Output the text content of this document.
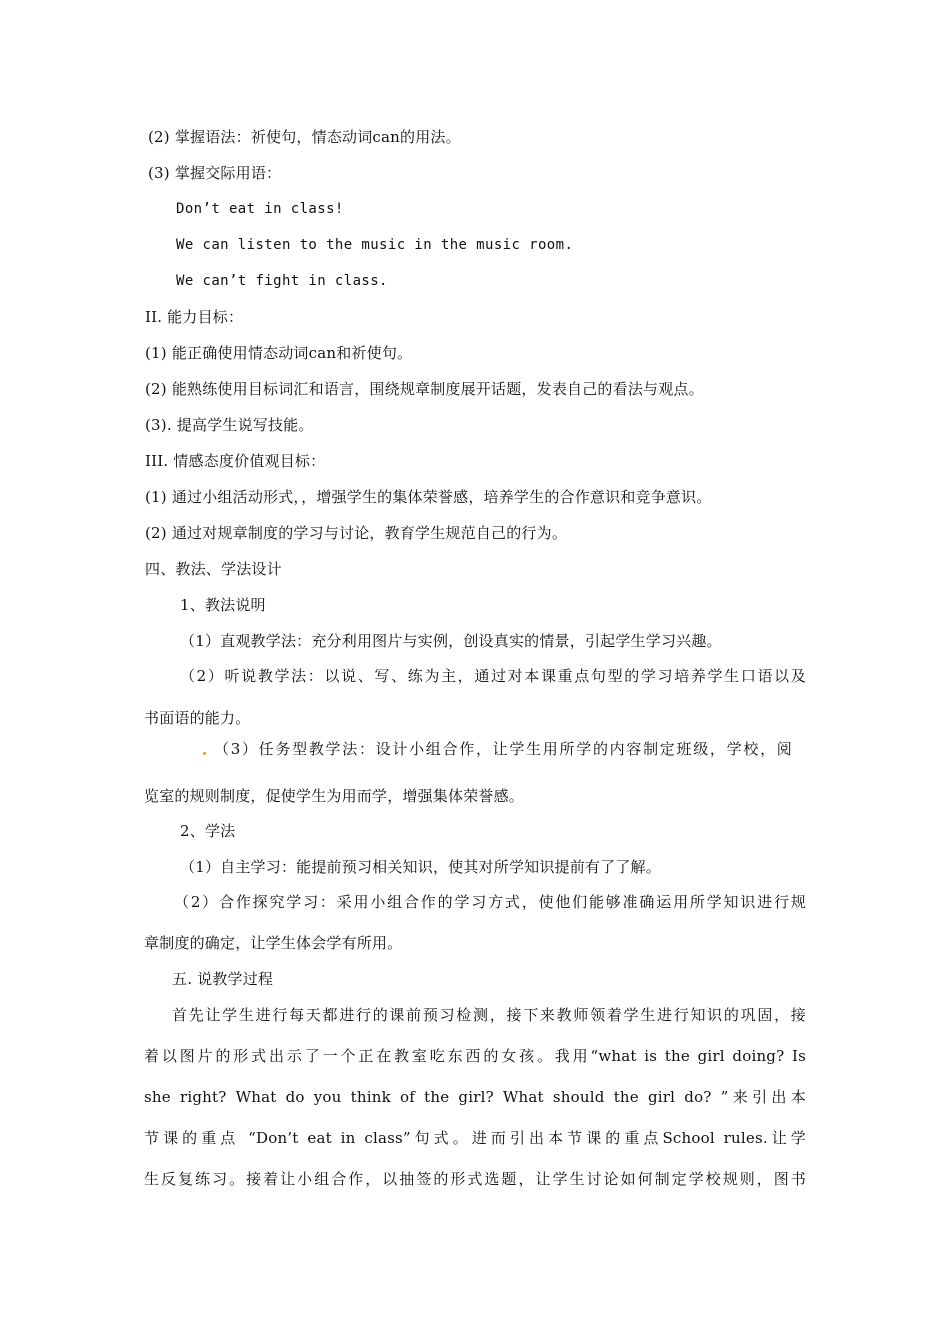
(2) 掌握语法：祈使句，情态动词can的用法。
(3) 掌握交际用语：
Don’t eat in class!
We can listen to the music in the music room.
We can’t fight in class.
II. 能力目标：
(1) 能正确使用情态动词can和祈使句。
(2) 能熟练使用目标词汇和语言，围绕规章制度展开话题，发表自己的看法与观点。
(3). 提高学生说写技能。
III. 情感态度价值观目标：
(1) 通过小组活动形式，，增强学生的集体荣誉感，培养学生的合作意识和竞争意识。
(2) 通过对规章制度的学习与讨论，教育学生规范自己的行为。
四、教法、学法设计
1、教法说明
（1）直观教学法：充分利用图片与实例，创设真实的情景，引起学生学习兴趣。
（2）听说教学法：以说、写、练为主，通过对本课重点句型的学习培养学生口语以及
书面语的能力。
（3）任务型教学法：设计小组合作，让学生用所学的内容制定班级，学校，阅
览室的规则制度，促使学生为用而学，增强集体荣誉感。
2、学法
（1）自主学习：能提前预习相关知识，使其对所学知识提前有了了解。
（2）合作探究学习：采用小组合作的学习方式，使他们能够准确运用所学知识进行规
章制度的确定，让学生体会学有所用。
五. 说教学过程
首先让学生进行每天都进行的课前预习检测，接下来教师领着学生进行知识的巩固，接
着以图片的形式出示了一个正在教室吃东西的女孩。我用“what is the girl doing? Is
she right? What do you think of the girl? What should the girl do? ”来引出本
节课的重点 “Don’t eat in class”句式。进而引出本节课的重点School rules.让学
生反复练习。接着让小组合作，以抽签的形式选题，让学生讨论如何制定学校规则，图书
